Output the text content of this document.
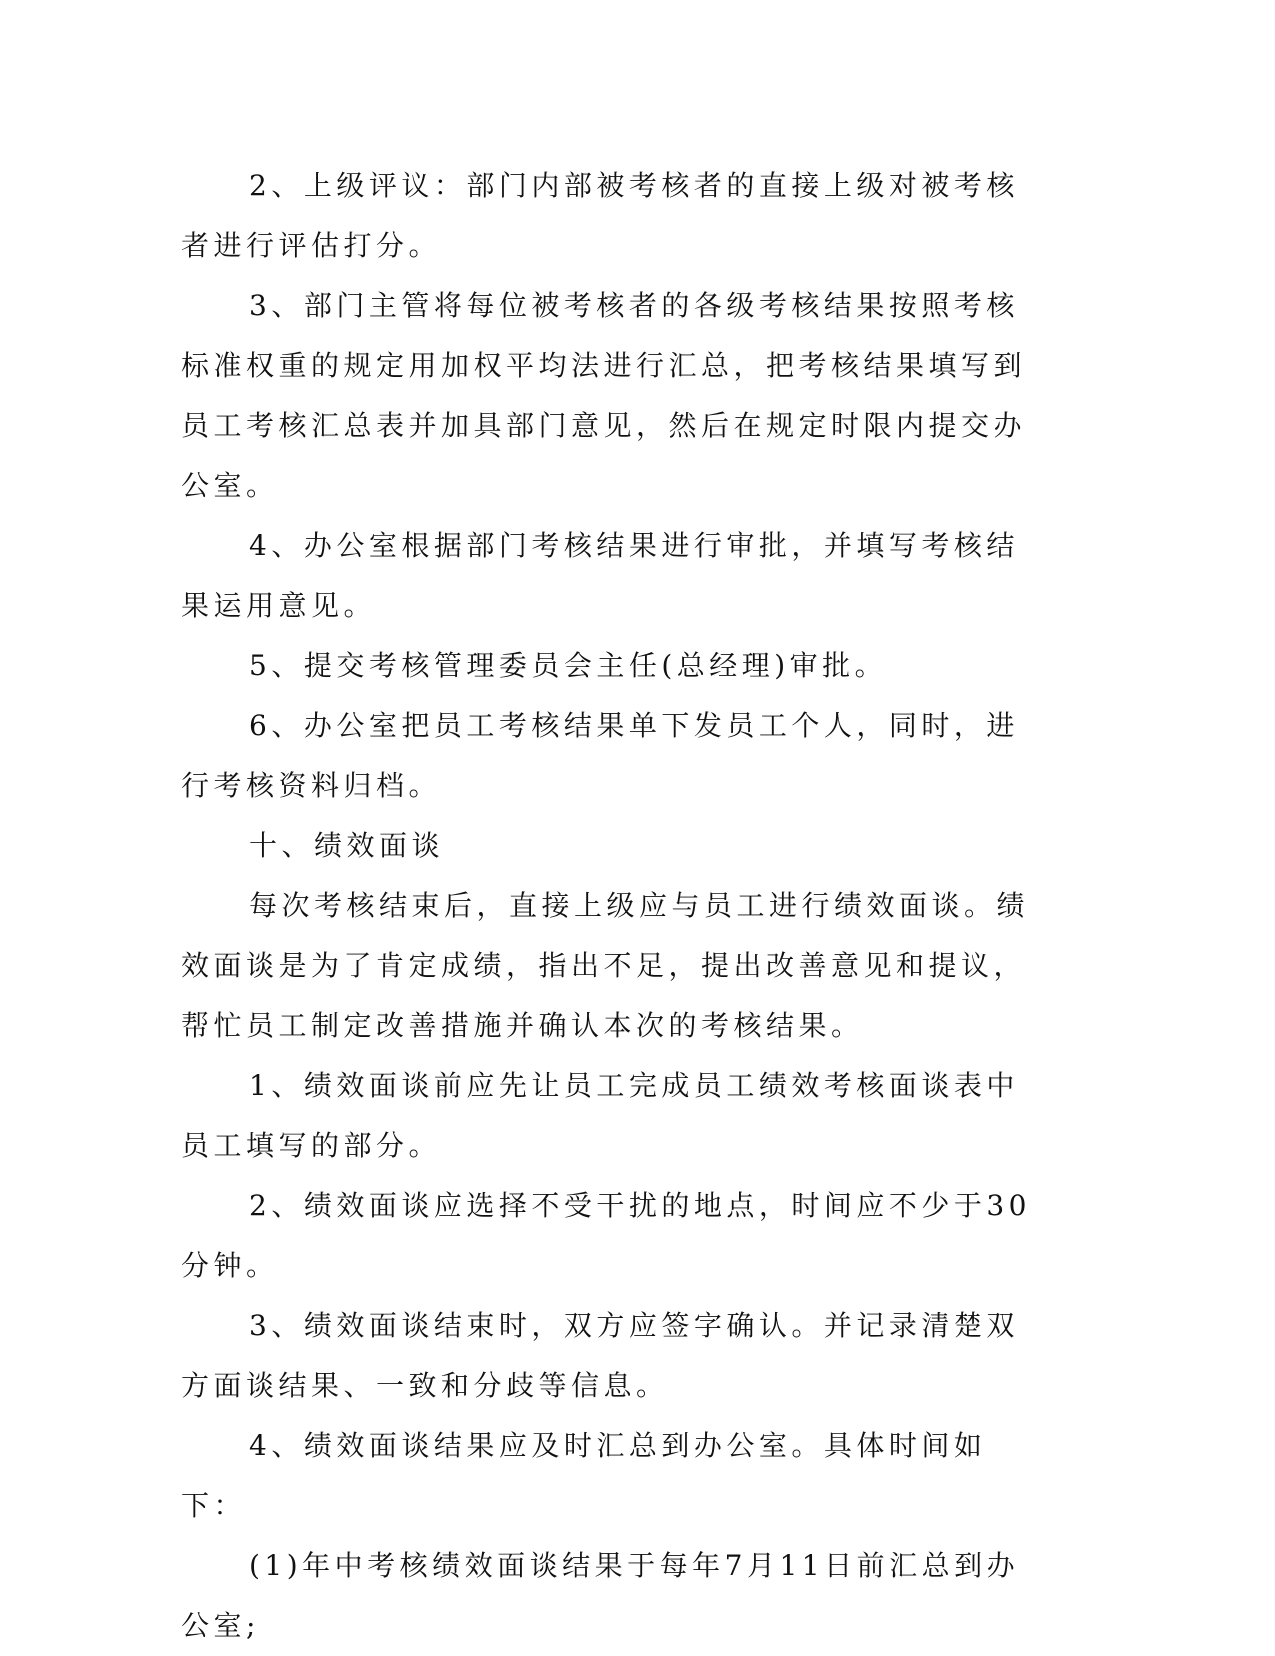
2、上级评议：部门内部被考核者的直接上级对被考核者进行评估打分。

3、部门主管将每位被考核者的各级考核结果按照考核标准权重的规定用加权平均法进行汇总，把考核结果填写到员工考核汇总表并加具部门意见，然后在规定时限内提交办公室。

4、办公室根据部门考核结果进行审批，并填写考核结果运用意见。

5、提交考核管理委员会主任(总经理)审批。

6、办公室把员工考核结果单下发员工个人，同时，进行考核资料归档。

十、绩效面谈

每次考核结束后，直接上级应与员工进行绩效面谈。绩效面谈是为了肯定成绩，指出不足，提出改善意见和提议，帮忙员工制定改善措施并确认本次的考核结果。

1、绩效面谈前应先让员工完成员工绩效考核面谈表中员工填写的部分。

2、绩效面谈应选择不受干扰的地点，时间应不少于30分钟。

3、绩效面谈结束时，双方应签字确认。并记录清楚双方面谈结果、一致和分歧等信息。

4、绩效面谈结果应及时汇总到办公室。具体时间如下：

(1)年中考核绩效面谈结果于每年7月11日前汇总到办公室;
